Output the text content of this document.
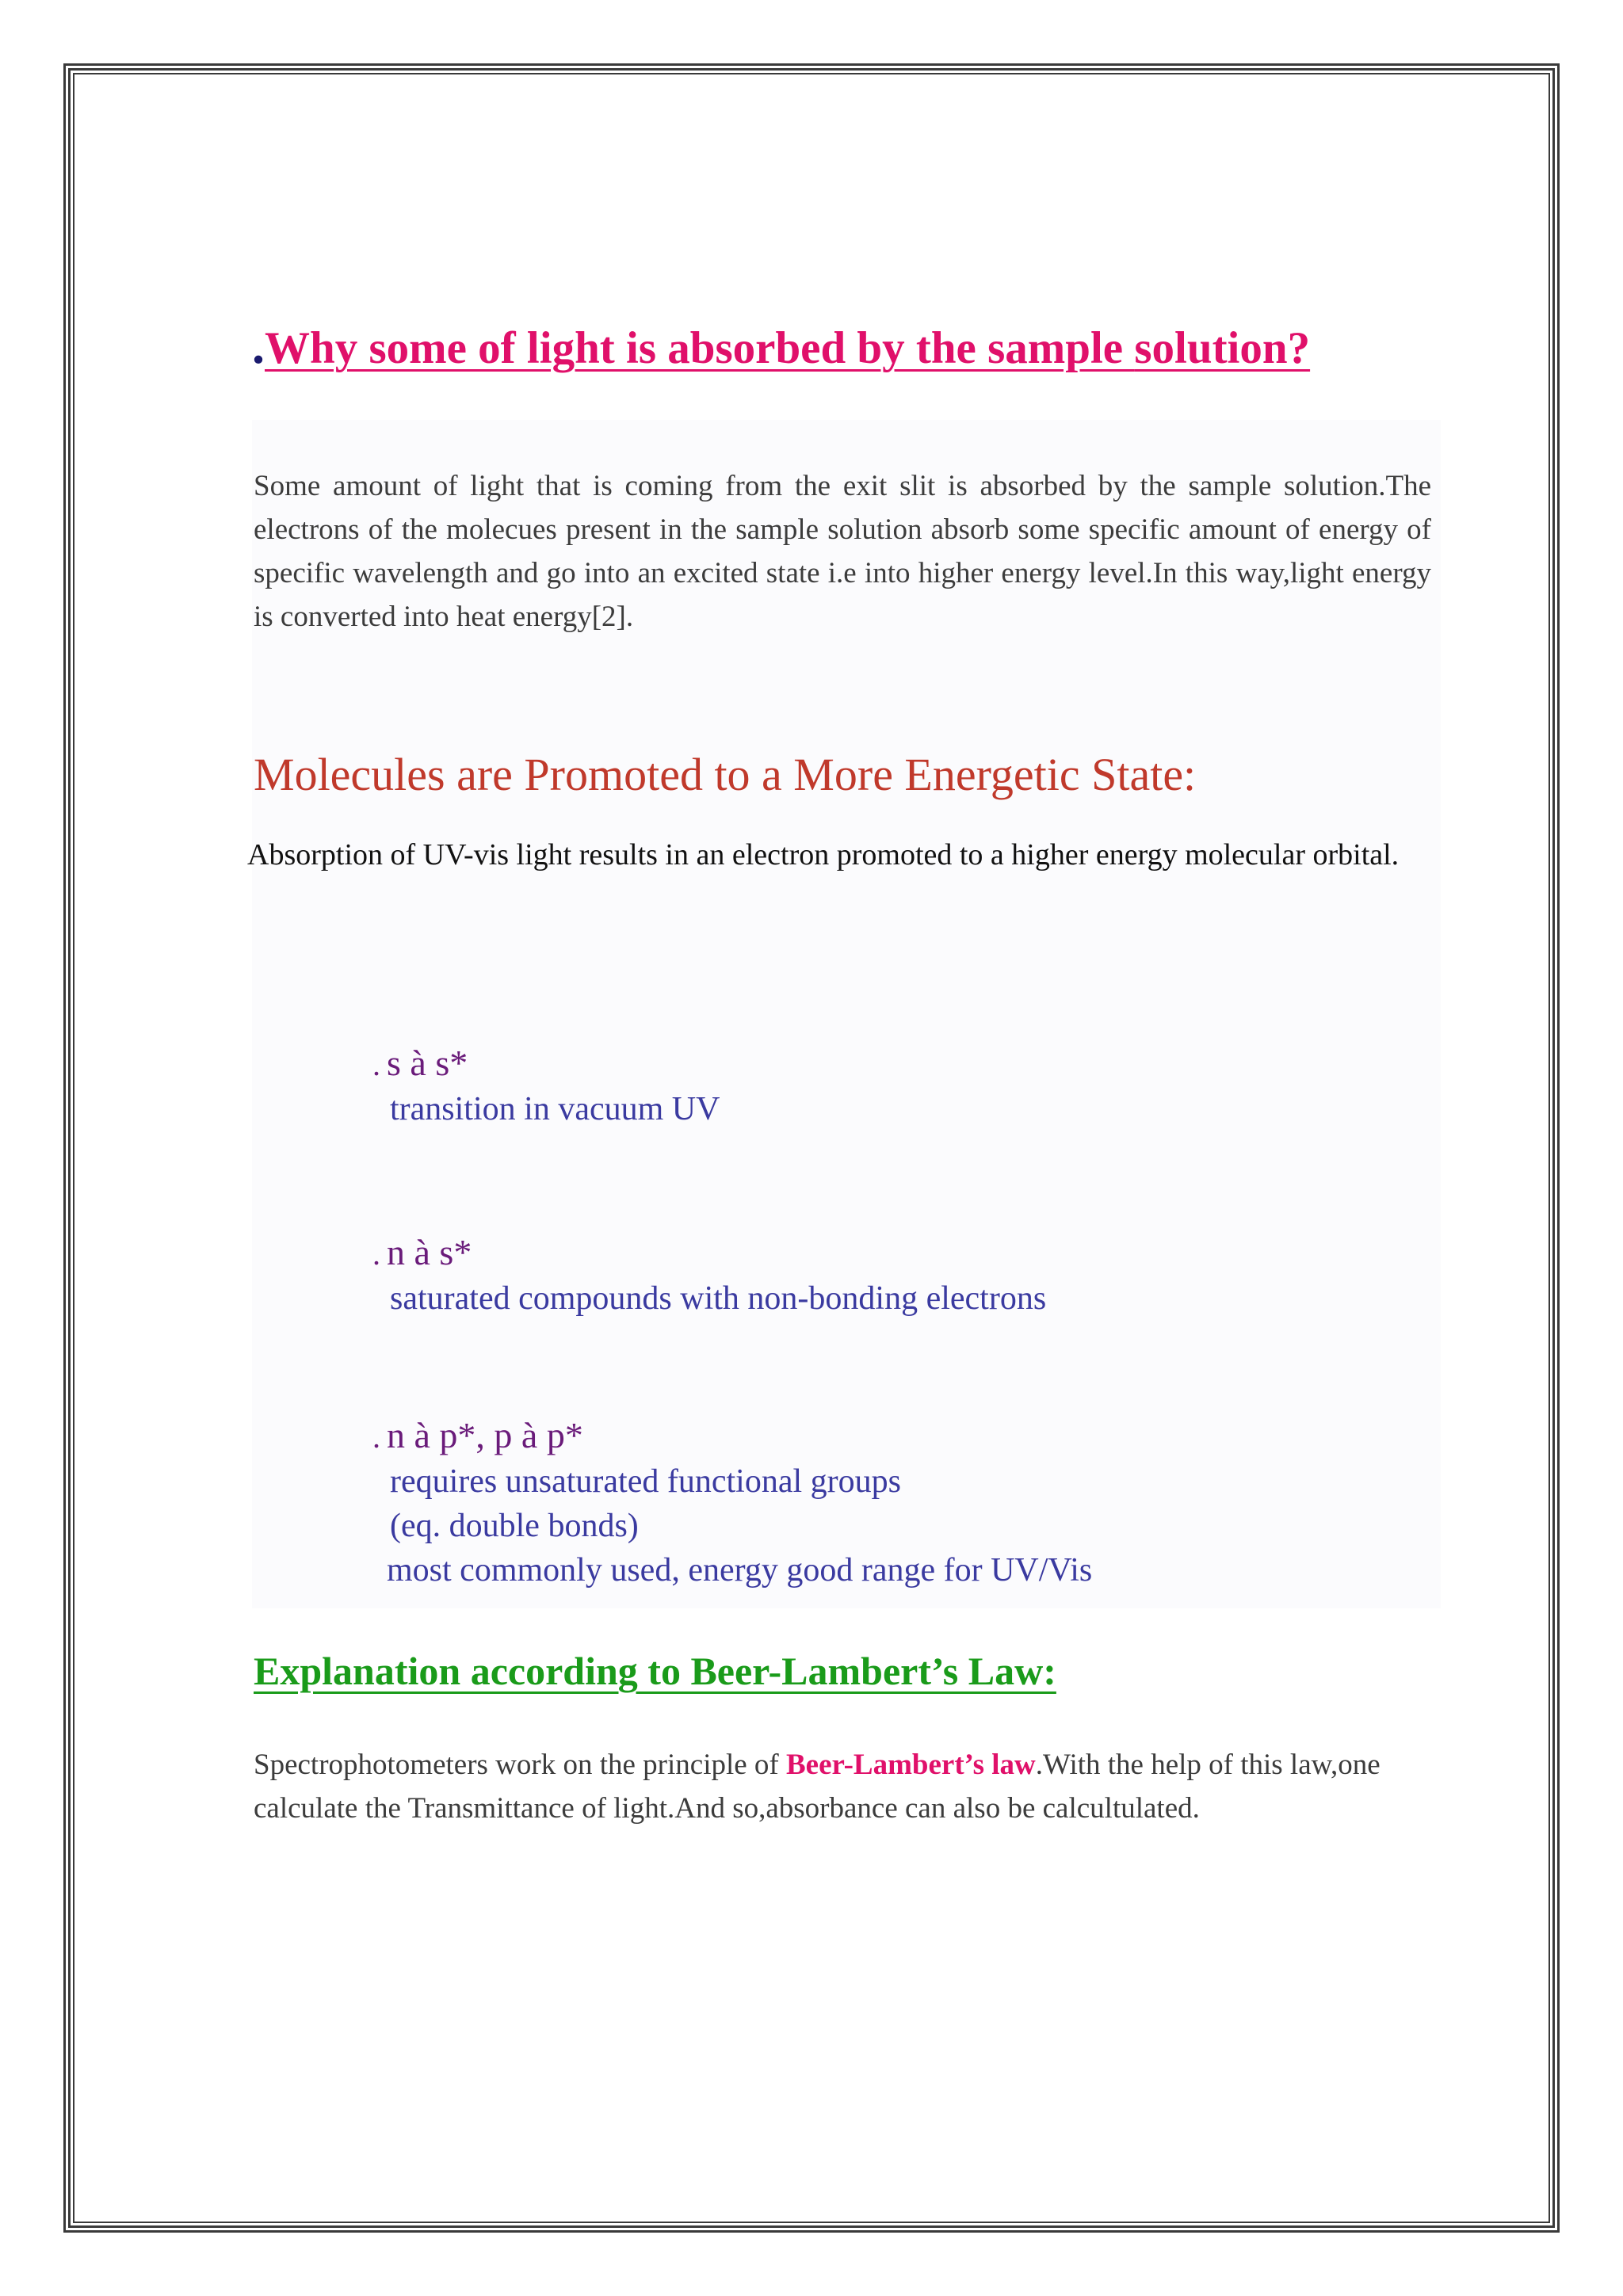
.Why some of light is absorbed by the sample solution?
Some amount of light that is coming from the exit slit is absorbed by the sample solution.The electrons of the molecues present in the sample solution absorb some specific amount of energy of specific wavelength and go into an excited state i.e into higher energy level.In this way,light energy is converted into heat energy[2].
Molecules are Promoted to a More Energetic State:
Absorption of UV-vis light results in an electron promoted to a higher energy molecular orbital.
. s à s*
transition in vacuum UV
. n à s*
saturated compounds with non-bonding electrons
. n à p*, p à p*
requires unsaturated functional groups
(eq. double bonds)
most commonly used, energy good range for UV/Vis
Explanation according to Beer-Lambert’s Law:
Spectrophotometers work on the principle of Beer-Lambert’s law.With the help of this law,one calculate the Transmittance of light.And so,absorbance can also be calcultulated.
